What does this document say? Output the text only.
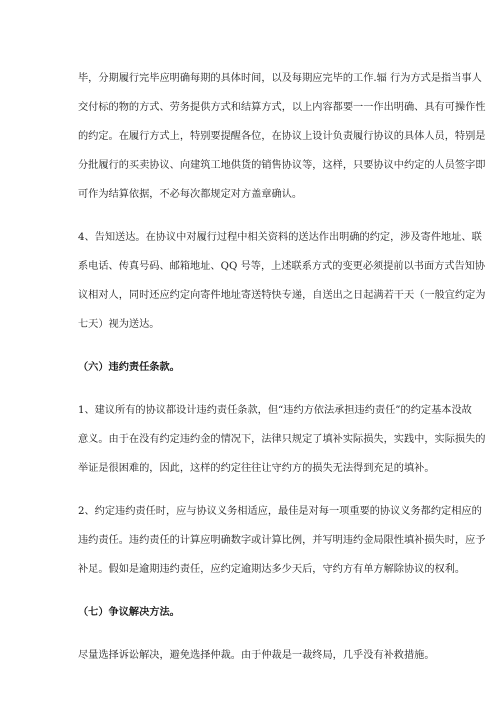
毕，分期履行完毕应明确每期的具体时间，以及每期应完毕的工作.辐 行为方式是指当事人
交付标的物的方式、劳务提供方式和结算方式，以上内容都要一一作出明确、具有可操作性
的约定。在履行方式上，特别要提醒各位，在协议上设计负责履行协议的具体人员，特别是
分批履行的买卖协议、向建筑工地供货的销售协议等，这样，只要协议中约定的人员签字即
可作为结算依据，不必每次都规定对方盖章确认。

4、告知送达。在协议中对履行过程中相关资料的送达作出明确的约定，涉及寄件地址、联
系电话、传真号码、邮箱地址、QQ 号等，上述联系方式的变更必须提前以书面方式告知协
议相对人，同时还应约定向寄件地址寄送特快专递，自送出之日起满若干天（一般宜约定为
七天）视为送达。

（六）违约责任条款。

1、建议所有的协议都设计违约责任条款，但“违约方依法承担违约责任”的约定基本没故
意义。由于在没有约定违约金的情况下，法律只规定了填补实际损失，实践中，实际损失的
举证是很困难的，因此，这样的约定往往让守约方的损失无法得到充足的填补。

2、约定违约责任时，应与协议义务相适应，最佳是对每一项重要的协议义务都约定相应的
违约责任。违约责任的计算应明确数字或计算比例，并写明违约金局限性填补损失时，应予
补足。假如是逾期违约责任，应约定逾期达多少天后，守约方有单方解除协议的权利。

（七）争议解决方法。

尽量选择诉讼解决，避免选择仲裁。由于仲裁是一裁终局，几乎没有补救措施。
